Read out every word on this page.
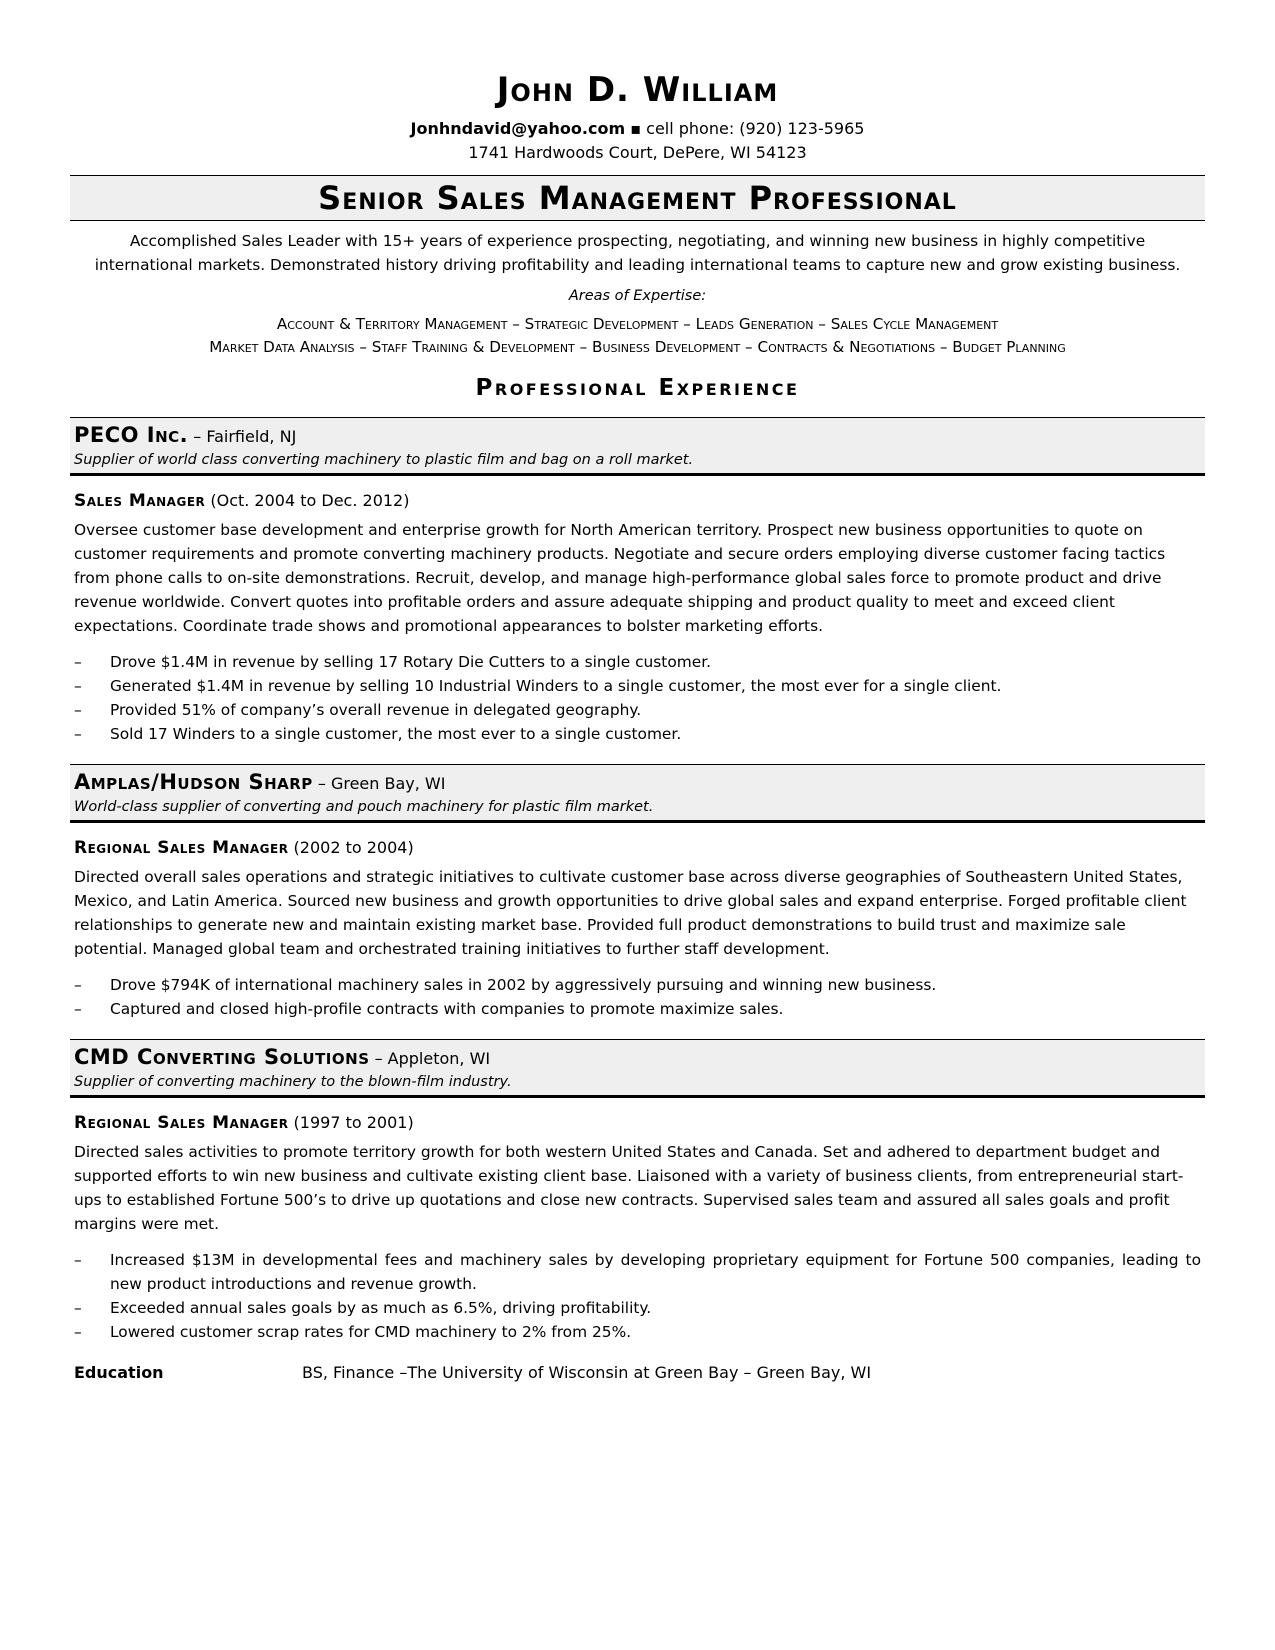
John D. William
Jonhndavid@yahoo.com ▪ cell phone: (920) 123-5965
1741 Hardwoods Court, DePere, WI 54123
Senior Sales Management Professional
Accomplished Sales Leader with 15+ years of experience prospecting, negotiating, and winning new business in highly competitive
international markets. Demonstrated history driving profitability and leading international teams to capture new and grow existing business.
Areas of Expertise:
Account & Territory Management – Strategic Development – Leads Generation – Sales Cycle Management
Market Data Analysis – Staff Training & Development – Business Development – Contracts & Negotiations – Budget Planning
Professional Experience
PECO Inc. – Fairfield, NJ
Supplier of world class converting machinery to plastic film and bag on a roll market.
Sales Manager (Oct. 2004 to Dec. 2012)
Oversee customer base development and enterprise growth for North American territory. Prospect new business opportunities to quote on customer requirements and promote converting machinery products. Negotiate and secure orders employing diverse customer facing tactics from phone calls to on-site demonstrations. Recruit, develop, and manage high-performance global sales force to promote product and drive revenue worldwide. Convert quotes into profitable orders and assure adequate shipping and product quality to meet and exceed client expectations. Coordinate trade shows and promotional appearances to bolster marketing efforts.
– Drove $1.4M in revenue by selling 17 Rotary Die Cutters to a single customer.
– Generated $1.4M in revenue by selling 10 Industrial Winders to a single customer, the most ever for a single client.
– Provided 51% of company’s overall revenue in delegated geography.
– Sold 17 Winders to a single customer, the most ever to a single customer.
Amplas/Hudson Sharp – Green Bay, WI
World-class supplier of converting and pouch machinery for plastic film market.
Regional Sales Manager (2002 to 2004)
Directed overall sales operations and strategic initiatives to cultivate customer base across diverse geographies of Southeastern United States, Mexico, and Latin America. Sourced new business and growth opportunities to drive global sales and expand enterprise. Forged profitable client relationships to generate new and maintain existing market base. Provided full product demonstrations to build trust and maximize sale potential. Managed global team and orchestrated training initiatives to further staff development.
– Drove $794K of international machinery sales in 2002 by aggressively pursuing and winning new business.
– Captured and closed high-profile contracts with companies to promote maximize sales.
CMD Converting Solutions – Appleton, WI
Supplier of converting machinery to the blown-film industry.
Regional Sales Manager (1997 to 2001)
Directed sales activities to promote territory growth for both western United States and Canada. Set and adhered to department budget and supported efforts to win new business and cultivate existing client base. Liaisoned with a variety of business clients, from entrepreneurial start-ups to established Fortune 500’s to drive up quotations and close new contracts. Supervised sales team and assured all sales goals and profit margins were met.
– Increased $13M in developmental fees and machinery sales by developing proprietary equipment for Fortune 500 companies, leading to new product introductions and revenue growth.
– Exceeded annual sales goals by as much as 6.5%, driving profitability.
– Lowered customer scrap rates for CMD machinery to 2% from 25%.
Education	BS, Finance –The University of Wisconsin at Green Bay – Green Bay, WI
